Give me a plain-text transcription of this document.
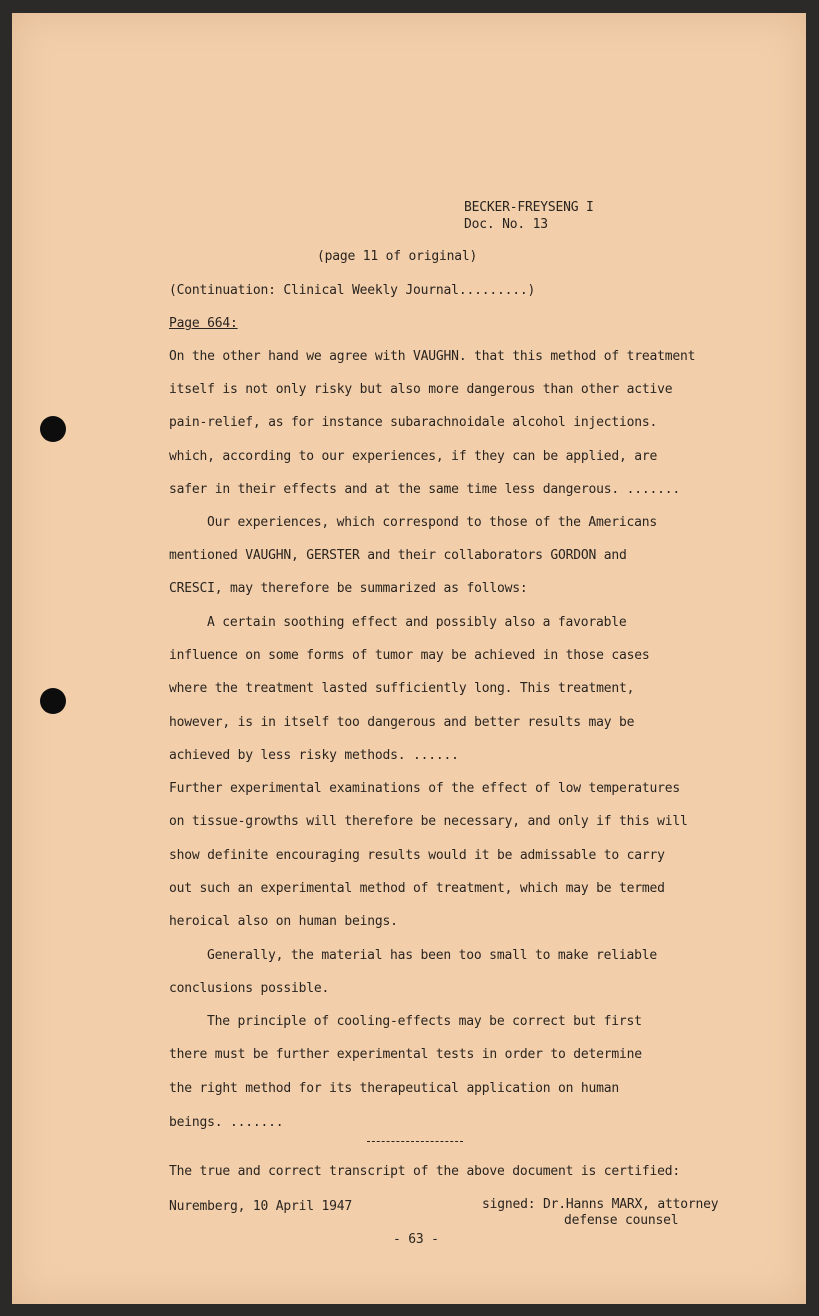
BECKER-FREYSENG I
Doc. No. 13
(page 11 of original)
(Continuation: Clinical Weekly Journal.........)
Page 664:
On the other hand we agree with VAUGHN. that this method of treatment
itself is not only risky but also more dangerous than other active
pain-relief, as for instance subarachnoidale alcohol injections.
which, according to our experiences, if they can be applied, are
safer in their effects and at the same time less dangerous. .......
Our experiences, which correspond to those of the Americans
mentioned VAUGHN, GERSTER and their collaborators GORDON and
CRESCI, may therefore be summarized as follows:
A certain soothing effect and possibly also a favorable
influence on some forms of tumor may be achieved in those cases
where the treatment lasted sufficiently long. This treatment,
however, is in itself too dangerous and better results may be
achieved by less risky methods. ......
Further experimental examinations of the effect of low temperatures
on tissue-growths will therefore be necessary, and only if this will
show definite encouraging results would it be admissable to carry
out such an experimental method of treatment, which may be termed
heroical also on human beings.
Generally, the material has been too small to make reliable
conclusions possible.
The principle of cooling-effects may be correct but first
there must be further experimental tests in order to determine
the right method for its therapeutical application on human
beings. .......
The true and correct transcript of the above document is certified:
Nuremberg, 10 April 1947	signed: Dr.Hanns MARX, attorney
defense counsel
- 63 -
